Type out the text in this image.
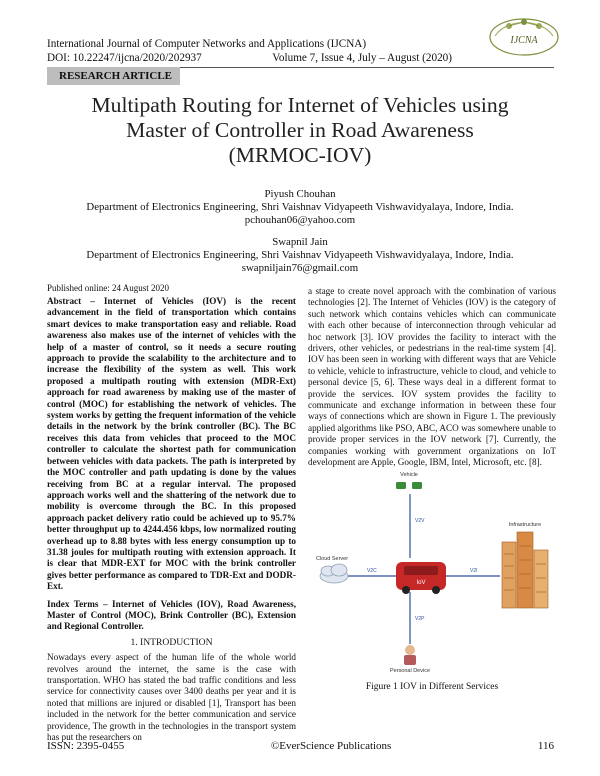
International Journal of Computer Networks and Applications (IJCNA)
DOI: 10.22247/ijcna/2020/202937	Volume 7, Issue 4, July – August (2020)
RESEARCH ARTICLE
IJCNA
Multipath Routing for Internet of Vehicles using
Master of Controller in Road Awareness
(MRMOC-IOV)
Piyush Chouhan
Department of Electronics Engineering, Shri Vaishnav Vidyapeeth Vishwavidyalaya, Indore, India.
pchouhan06@yahoo.com
Swapnil Jain
Department of Electronics Engineering, Shri Vaishnav Vidyapeeth Vishwavidyalaya, Indore, India.
swapniljain76@gmail.com
Published online: 24 August 2020

Abstract – Internet of Vehicles (IOV) is the recent advancement in the field of transportation which contains smart devices to make transportation easy and reliable. Road awareness also makes use of the internet of vehicles with the help of a master of control, so it needs a secure routing approach to provide the scalability to the architecture and to increase the flexibility of the system as well. This work proposed a multipath routing with extension (MDR-Ext) approach for road awareness by making use of the master of control (MOC) for establishing the network of vehicles. The system works by getting the frequent information of the vehicle details in the network by the brink controller (BC). The BC receives this data from vehicles that proceed to the MOC controller to calculate the shortest path for communication between vehicles with data packets. The path is interpreted by the MOC controller and path updating is done by the values receiving from BC at a regular interval. The proposed approach works well and the shattering of the network due to mobility is overcome through the BC. In this proposed approach packet delivery ratio could be achieved up to 95.7% better throughput up to 4244.456 kbps, low normalized routing overhead up to 8.88 bytes with less energy consumption up to 31.38 joules for multipath routing with extension approach. It is clear that MDR-EXT for MOC with the brink controller gives better performance as compared to TDR-Ext and DODR-Ext.

Index Terms – Internet of Vehicles (IOV), Road Awareness, Master of Control (MOC), Brink Controller (BC), Extension and Regional Controller.

1. INTRODUCTION

Nowadays every aspect of the human life of the whole world revolves around the internet, the same is the case with transportation. WHO has stated the bad traffic conditions and less service for connectivity causes over 3400 deaths per year and it is noted that millions are injured or disabled [1], Transport has been included in the network for the better communication and service providence, The growth in the technologies in the transport system has put the researchers on

a stage to create novel approach with the combination of various technologies [2]. The Internet of Vehicles (IOV) is the category of such network which contains vehicles which can communicate with each other because of interconnection through vehicular ad hoc network [3]. IOV provides the facility to interact with the drivers, other vehicles, or pedestrians in the real-time system [4]. IOV has been seen in working with different ways that are Vehicle to vehicle, vehicle to infrastructure, vehicle to cloud, and vehicle to personal device [5, 6]. These ways deal in a different format to provide the services. IOV system provides the facility to communicate and exchange information in between these four ways of connections which are shown in Figure 1. The previously applied algorithms like PSO, ABC, ACO was somewhere unable to provide proper services in the IOV network [7]. Currently, the companies working with government organizations on IoT development are Apple, Google, IBM, Intel, Microsoft, etc. [8].

Vehicle
Cloud Server
IoV
Infrastructure
Personal Device
V2V
V2C	V2I
V2P
Figure 1 IOV in Different Services
ISSN: 2395-0455	©EverScience Publications	116
